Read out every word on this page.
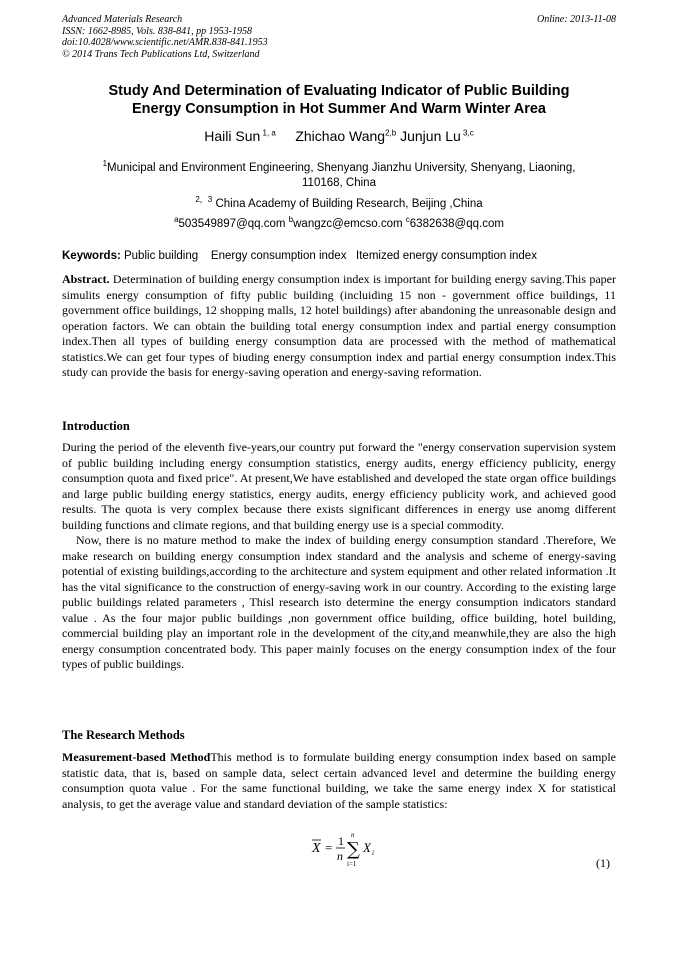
Advanced Materials Research
ISSN: 1662-8985, Vols. 838-841, pp 1953-1958
doi:10.4028/www.scientific.net/AMR.838-841.1953
© 2014 Trans Tech Publications Ltd, Switzerland
Online: 2013-11-08
Study And Determination of Evaluating Indicator of Public Building
Energy Consumption in Hot Summer And Warm Winter Area
Haili Sun $^{1, a}$ Zhichao Wang$^{2,b}$ Junjun Lu $^{3,c}$
$^1$Municipal and Environment Engineering, Shenyang Jianzhu University, Shenyang, Liaoning,
110168, China
$^{2,3}$ China Academy of Building Research, Beijing ,China
$^a$503549897@qq.com $^b$wangzc@emcso.com $^c$6382638@qq.com
Keywords: Public building    Energy consumption index   Itemized energy consumption index

Abstract. Determination of building energy consumption index is important for building energy saving.This paper simulits energy consumption of fifty public building (incluiding 15 non - government office buildings, 11 government office buildings, 12 shopping malls, 12 hotel buildings) after abandoning the unreasonable design and operation factors. We can obtain the building total energy consumption index and partial energy consumption index.Then all types of building energy consumption data are processed with the method of mathematical statistics.We can get four types of biuding energy consumption index and partial energy consumption index.This study can provide the basis for energy-saving operation and energy-saving reformation.

Introduction

During the period of the eleventh five-years,our country put forward the "energy conservation supervision system of public building including energy consumption statistics, energy audits, energy efficiency publicity, energy consumption quota and fixed price". At present,We have established and developed the state organ office buildings and large public building energy statistics, energy audits, energy efficiency publicity work, and achieved good results. The quota is very complex because there exists significant differences in energy use anomg different building functions and climate regions, and that building energy use is a special commodity.

Now, there is no mature method to make the index of building energy consumption standard .Therefore, We make research on building energy consumption index standard and the analysis and scheme of energy-saving potential of existing buildings,according to the architecture and system equipment and other related information .It has the vital significance to the construction of energy-saving work in our country. According to the existing large public buildings related parameters , Thisl research isto determine the energy consumption indicators standard value . As the four major public buildings ,non government office building, office building, hotel building, commercial building play an important role in the development of the city,and meanwhile,they are also the high energy consumption concentrated body. This paper mainly focuses on the energy consumption index of the four types of public buildings.

The Research Methods

Measurement-based MethodThis method is to formulate building energy consumption index based on sample statistic data, that is, based on sample data, select certain advanced level and determine the building energy consumption quota value . For the same functional building, we take the same energy index X for statistical analysis, to get the average value and standard deviation of the sample statistics:

X = 1
n
n
∑
i=1
X i
(1)
